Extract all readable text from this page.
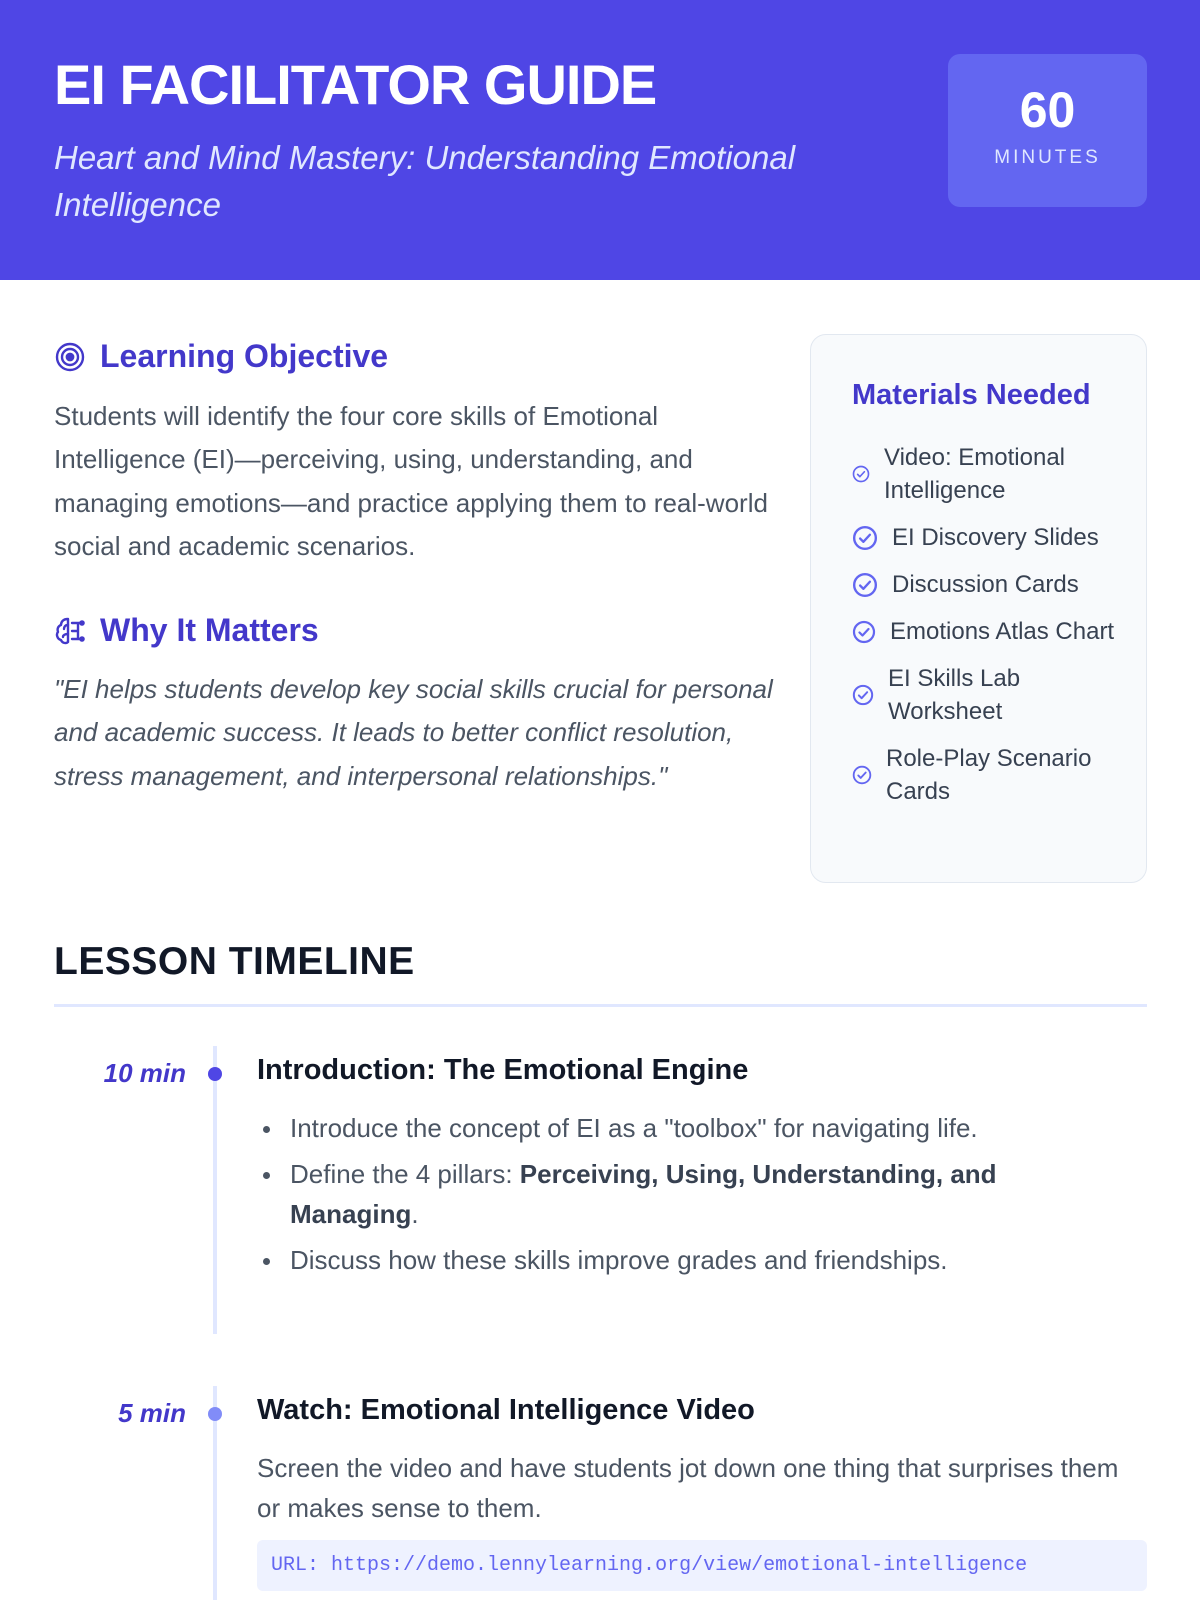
EI FACILITATOR GUIDE
Heart and Mind Mastery: Understanding Emotional Intelligence
60
MINUTES
Learning Objective

Students will identify the four core skills of Emotional Intelligence (EI)—perceiving, using, understanding, and managing emotions—and practice applying them to real-world social and academic scenarios.

Why It Matters

"EI helps students develop key social skills crucial for personal and academic success. It leads to better conflict resolution, stress management, and interpersonal relationships."

Materials Needed
Video: Emotional Intelligence
EI Discovery Slides
Discussion Cards
Emotions Atlas Chart
EI Skills Lab Worksheet
Role-Play Scenario Cards
LESSON TIMELINE
10 min Introduction: The Emotional Engine
Introduce the concept of EI as a "toolbox" for navigating life.
Define the 4 pillars: Perceiving, Using, Understanding, and Managing.
Discuss how these skills improve grades and friendships.
5 min Watch: Emotional Intelligence Video

Screen the video and have students jot down one thing that surprises them or makes sense to them.

URL: https://demo.lennylearning.org/view/emotional-intelligence
